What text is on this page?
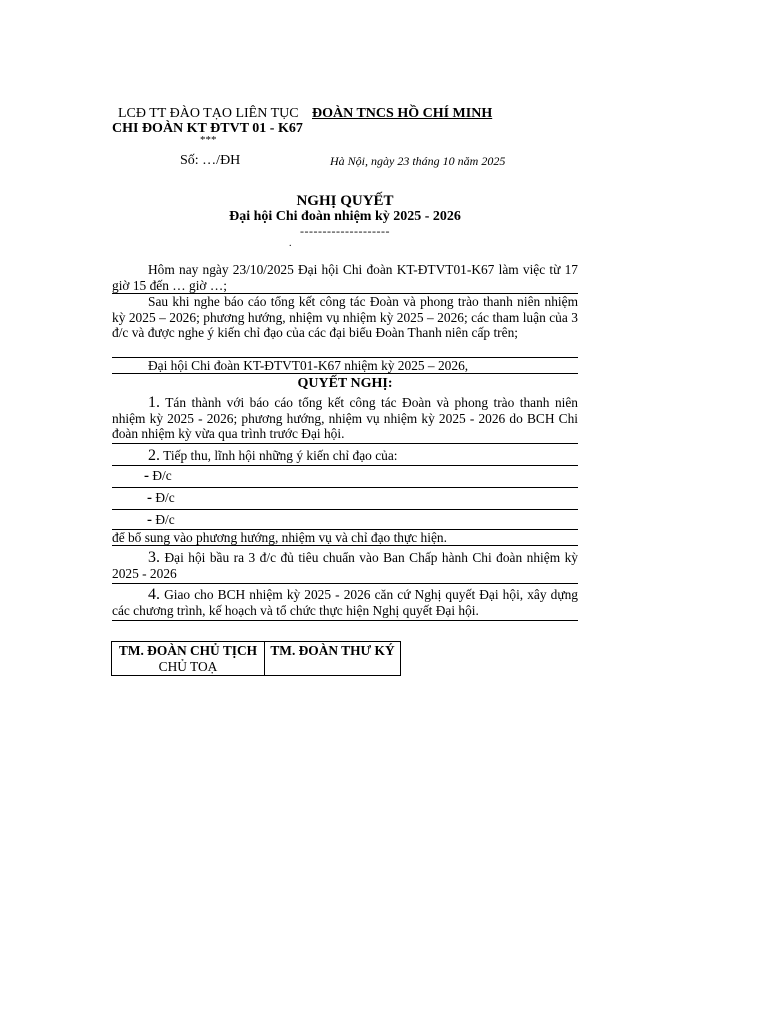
LCĐ TT ĐÀO TẠO LIÊN TỤC ĐOÀN TNCS HỒ CHÍ MINH
CHI ĐOÀN KT ĐTVT 01 - K67
***
Số: …/ĐH	Hà Nội, ngày 23 tháng 10 năm 2025
NGHỊ QUYẾT
Đại hội Chi đoàn nhiệm kỳ 2025 - 2026
--------------------
.
Hôm nay ngày 23/10/2025 Đại hội Chi đoàn KT-ĐTVT01-K67 làm việc từ 17 giờ 15 đến … giờ …;
Sau khi nghe báo cáo tổng kết công tác Đoàn và phong trào thanh niên nhiệm kỳ 2025 – 2026; phương hướng, nhiệm vụ nhiệm kỳ 2025 – 2026; các tham luận của 3 đ/c và được nghe ý kiến chỉ đạo của các đại biểu Đoàn Thanh niên cấp trên;
Đại hội Chi đoàn KT-ĐTVT01-K67 nhiệm kỳ 2025 – 2026,
QUYẾT NGHỊ:
1. Tán thành với báo cáo tổng kết công tác Đoàn và phong trào thanh niên nhiệm kỳ 2025 - 2026; phương hướng, nhiệm vụ nhiệm kỳ 2025 - 2026 do BCH Chi đoàn nhiệm kỳ vừa qua trình trước Đại hội.
2. Tiếp thu, lĩnh hội những ý kiến chỉ đạo của:
- Đ/c
- Đ/c
- Đ/c
để bổ sung vào phương hướng, nhiệm vụ và chỉ đạo thực hiện.
3. Đại hội bầu ra 3 đ/c đủ tiêu chuẩn vào Ban Chấp hành Chi đoàn nhiệm kỳ 2025 - 2026
4. Giao cho BCH nhiệm kỳ 2025 - 2026 căn cứ Nghị quyết Đại hội, xây dựng các chương trình, kế hoạch và tổ chức thực hiện Nghị quyết Đại hội.
TM. ĐOÀN CHỦ TỊCH
CHỦ TOẠ

TM. ĐOÀN THƯ KÝ
